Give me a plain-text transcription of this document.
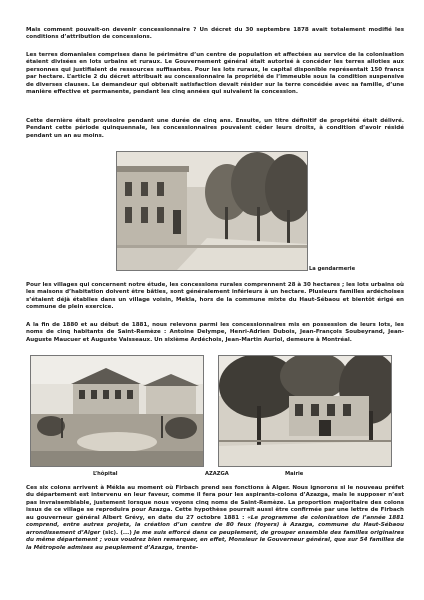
Mais comment pouvait-on devenir concessionnaire ? Un décret du 30 septembre 1878 avait totalement modifié les conditions d’attribution de concessions.

Les terres domaniales comprises dans le périmètre d’un centre de population et affectées au service de la colonisation étaient divisées en lots urbains et ruraux. Le Gouvernement général était autorisé à concéder les terres alloties aux personnes qui justifiaient de ressources suffisantes. Pour les lots ruraux, le capital disponible représentait 150 francs par hectare. L’article 2 du décret attribuait au concessionnaire la propriété de l’immeuble sous la condition suspensive de diverses clauses. Le demandeur qui obtenait satisfaction devait résider sur la terre concédée avec sa famille, d’une manière effective et permanente, pendant les cinq années qui suivaient la concession.

Cette dernière était provisoire pendant une durée de cinq ans. Ensuite, un titre définitif de propriété était délivré. Pendant cette période quinquennale, les concessionnaires pouvaient céder leurs droits, à condition d’avoir résidé pendant un an au moins.

La gendarmerie

Pour les villages qui concernent notre étude, les concessions rurales comprennent 28 à 30 hectares ; les lots urbains où les maisons d’habitation doivent être bâties, sont généralement inférieurs à un hectare. Plusieurs familles ardéchoises s’étaient déjà établies dans un village voisin, Mekla, hors de la commune mixte du Haut-Sébaou et bientôt érigé en commune de plein exercice.

A la fin de 1880 et au début de 1881, nous relevons parmi les concessionnaires mis en possession de leurs lots, les noms de cinq habitants de Saint-Remèze : Antoine Delympe, Henri-Adrien Dubois, Jean-François Soubeyrand, Jean-Auguste Maucuer et Auguste Vaisseaux. Un sixième Ardéchois, Jean-Martin Auriol, demeure à Montréal.

L’hôpital	AZAZGA	Mairie

Ces six colons arrivent à Mékla au moment où Firbach prend ses fonctions à Alger. Nous ignorons si le nouveau préfet du département est intervenu en leur faveur, comme il fera pour les aspirants-colons d’Azazga, mais le supposer n’est pas invraisemblable, justement lorsque nous voyons cinq noms de Saint-Remèze. La proportion majoritaire des colons issus de ce village se reproduira pour Azazga. Cette hypothèse pourrait aussi être confirmée par une lettre de Firbach au gouverneur général Albert Grévy, en date du 27 octobre 1881 : «Le programme de colonisation de l’année 1881 comprend, entre autres projets, la création d’un centre de 80 feux (foyers) à Azazga, commune du Haut-Sébaou arrondissement d’Alger (sic). (...) Je me suis efforcé dans ce peuplement, de grouper ensemble des familles originaires du même département ; vous voudrez bien remarquer, en effet, Monsieur le Gouverneur général, que sur 54 familles de la Métropole admises au peuplement d’Azazga, trente-
